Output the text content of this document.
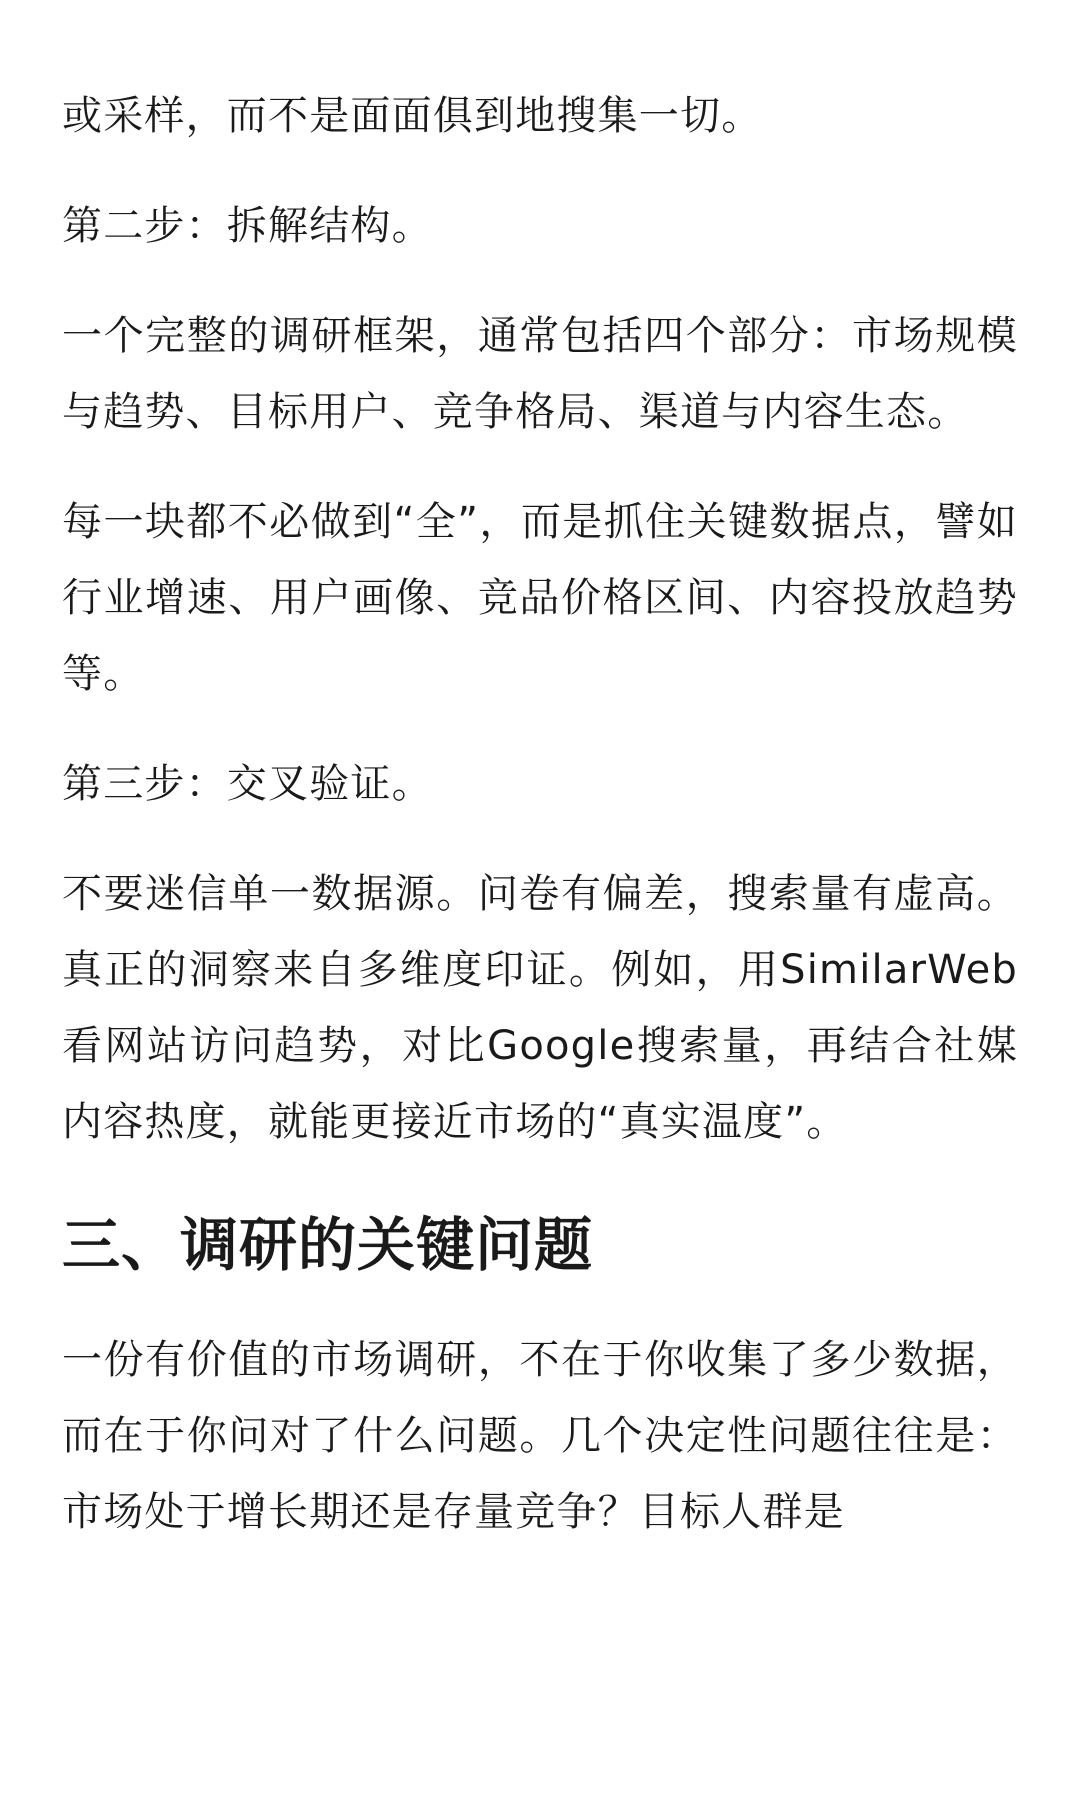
或采样，而不是面面俱到地搜集一切。

第二步：拆解结构。

一个完整的调研框架，通常包括四个部分：市场规模与趋势、目标用户、竞争格局、渠道与内容生态。

每一块都不必做到“全”，而是抓住关键数据点，譬如行业增速、用户画像、竞品价格区间、内容投放趋势等。

第三步：交叉验证。

不要迷信单一数据源。问卷有偏差，搜索量有虚高。真正的洞察来自多维度印证。例如，用SimilarWeb 看网站访问趋势，对比Google搜索量，再结合社媒内容热度，就能更接近市场的“真实温度”。

三、调研的关键问题

一份有价值的市场调研，不在于你收集了多少数据，而在于你问对了什么问题。几个决定性问题往往是：市场处于增长期还是存量竞争？目标人群是
